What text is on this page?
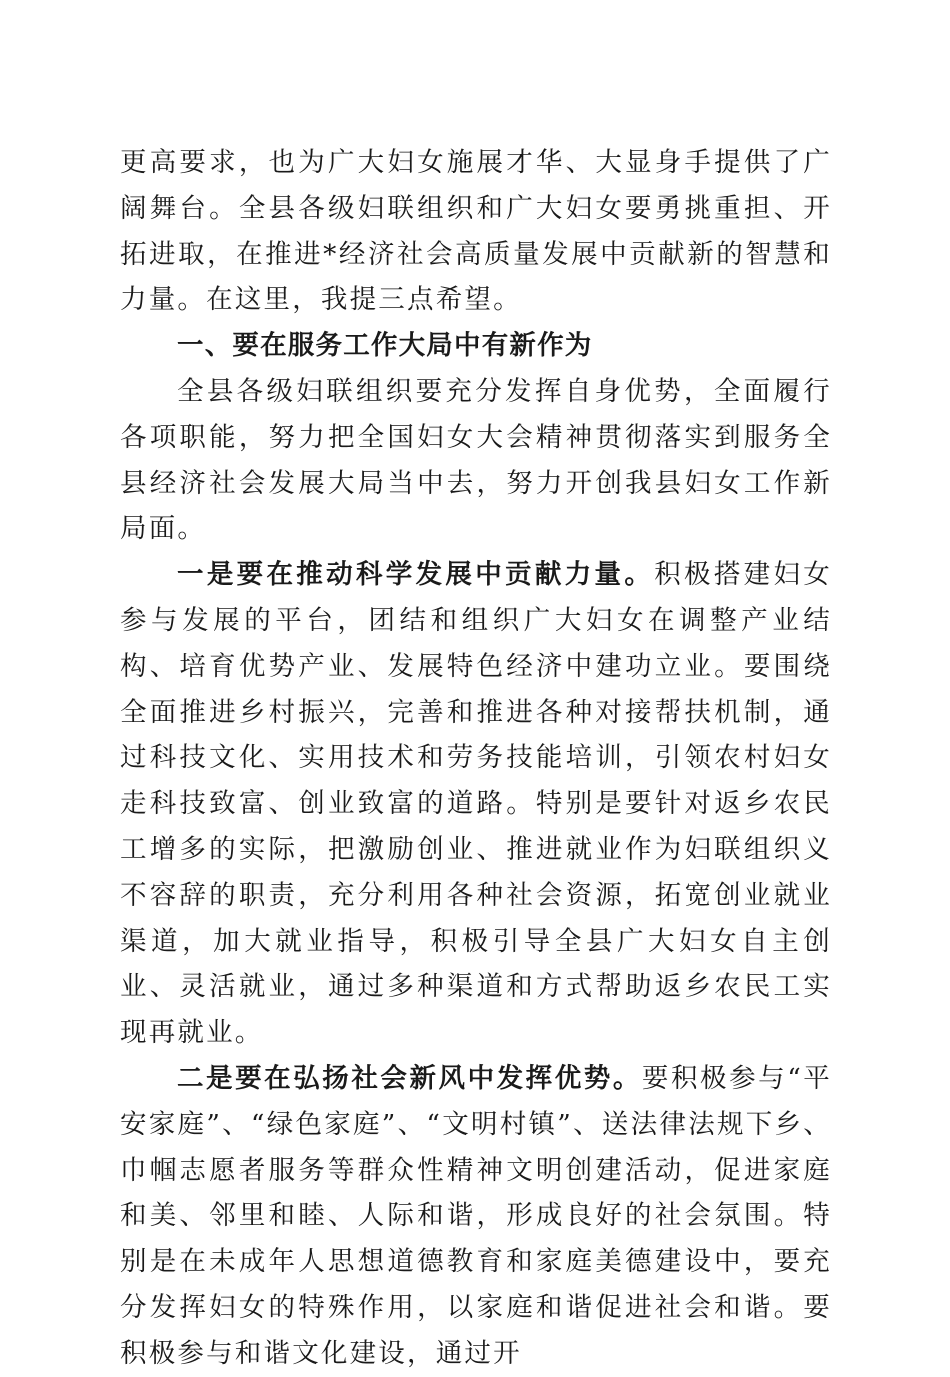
更高要求，也为广大妇女施展才华、大显身手提供了广阔舞台。全县各级妇联组织和广大妇女要勇挑重担、开拓进取，在推进*经济社会高质量发展中贡献新的智慧和力量。在这里，我提三点希望。

一、要在服务工作大局中有新作为

全县各级妇联组织要充分发挥自身优势，全面履行各项职能，努力把全国妇女大会精神贯彻落实到服务全县经济社会发展大局当中去，努力开创我县妇女工作新局面。

一是要在推动科学发展中贡献力量。积极搭建妇女参与发展的平台，团结和组织广大妇女在调整产业结构、培育优势产业、发展特色经济中建功立业。要围绕全面推进乡村振兴，完善和推进各种对接帮扶机制，通过科技文化、实用技术和劳务技能培训，引领农村妇女走科技致富、创业致富的道路。特别是要针对返乡农民工增多的实际，把激励创业、推进就业作为妇联组织义不容辞的职责，充分利用各种社会资源，拓宽创业就业渠道，加大就业指导，积极引导全县广大妇女自主创业、灵活就业，通过多种渠道和方式帮助返乡农民工实现再就业。

二是要在弘扬社会新风中发挥优势。要积极参与“平安家庭”、“绿色家庭”、“文明村镇”、送法律法规下乡、巾帼志愿者服务等群众性精神文明创建活动，促进家庭和美、邻里和睦、人际和谐，形成良好的社会氛围。特别是在未成年人思想道德教育和家庭美德建设中，要充分发挥妇女的特殊作用，以家庭和谐促进社会和谐。要积极参与和谐文化建设，通过开
